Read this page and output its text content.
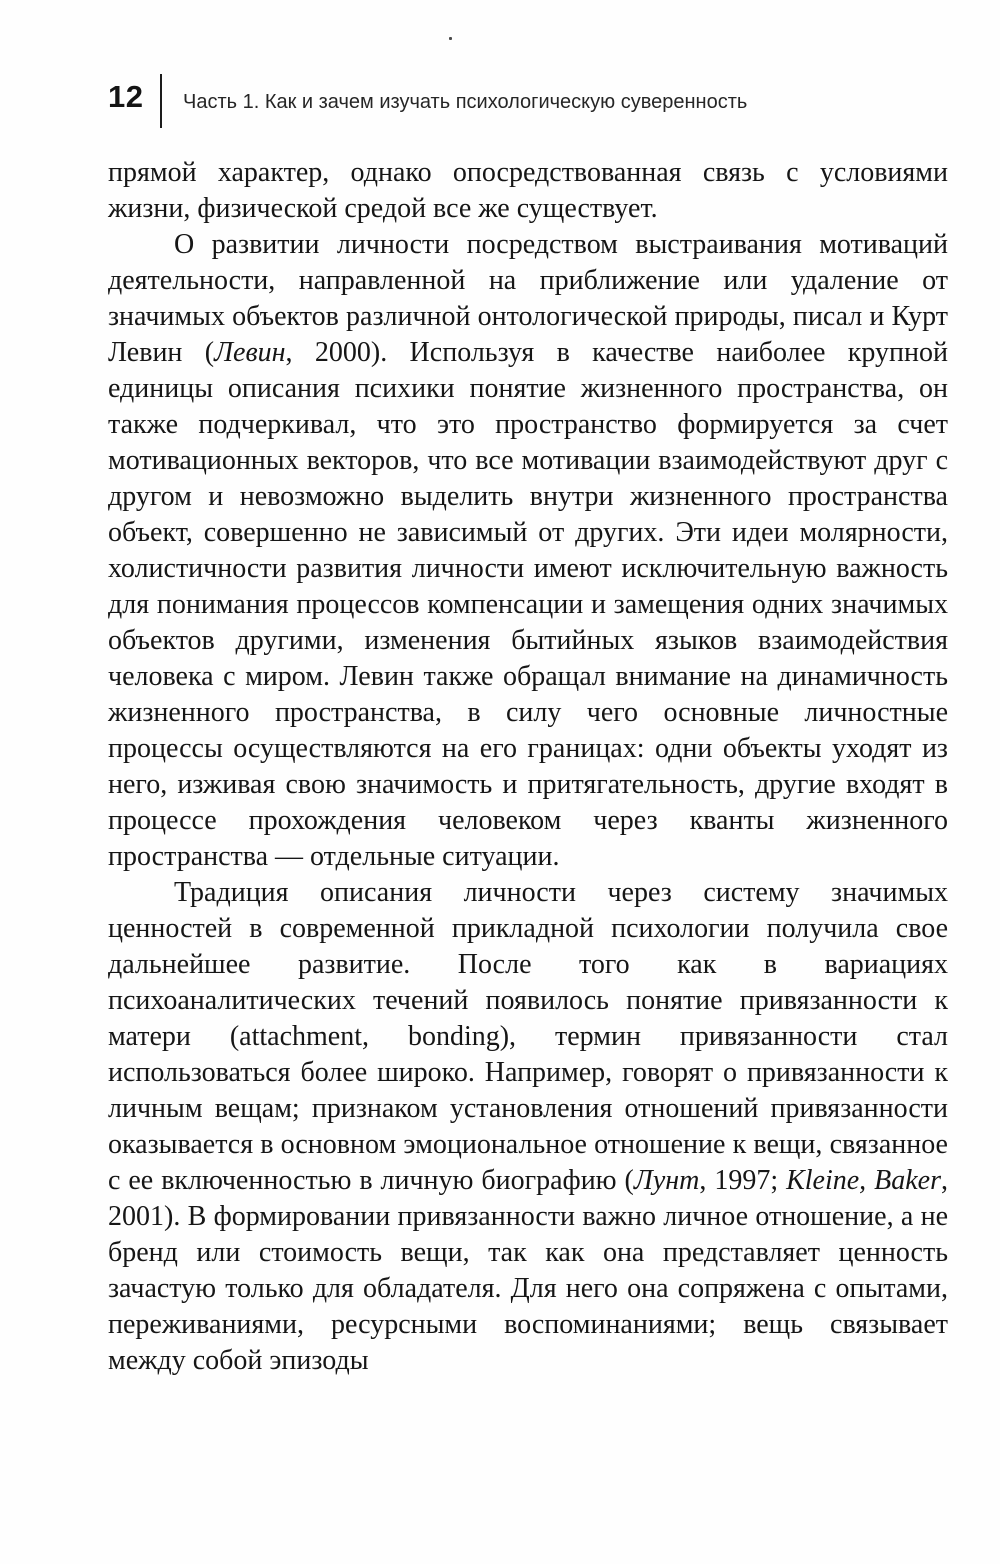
12 Часть 1. Как и зачем изучать психологическую суверенность

прямой характер, однако опосредствованная связь с условиями жизни, физической средой все же существует.

О развитии личности посредством выстраивания мотиваций деятельности, направленной на приближение или удаление от значимых объектов различной онтологической природы, писал и Курт Левин (Левин, 2000). Используя в качестве наиболее крупной единицы описания психики понятие жизненного пространства, он также подчеркивал, что это пространство формируется за счет мотивационных векторов, что все мотивации взаимодействуют друг с другом и невозможно выделить внутри жизненного пространства объект, совершенно не зависимый от других. Эти идеи молярности, холистичности развития личности имеют исключительную важность для понимания процессов компенсации и замещения одних значимых объектов другими, изменения бытийных языков взаимодействия человека с миром. Левин также обращал внимание на динамичность жизненного пространства, в силу чего основные личностные процессы осуществляются на его границах: одни объекты уходят из него, изживая свою значимость и притягательность, другие входят в процессе прохождения человеком через кванты жизненного пространства — отдельные ситуации.

Традиция описания личности через систему значимых ценностей в современной прикладной психологии получила свое дальнейшее развитие. После того как в вариациях психоаналитических течений появилось понятие привязанности к матери (attachment, bonding), термин привязанности стал использоваться более широко. Например, говорят о привязанности к личным вещам; признаком установления отношений привязанности оказывается в основном эмоциональное отношение к вещи, связанное с ее включенностью в личную биографию (Лунт, 1997; Kleine, Baker, 2001). В формировании привязанности важно личное отношение, а не бренд или стоимость вещи, так как она представляет ценность зачастую только для обладателя. Для него она сопряжена с опытами, переживаниями, ресурсными воспоминаниями; вещь связывает между собой эпизоды
